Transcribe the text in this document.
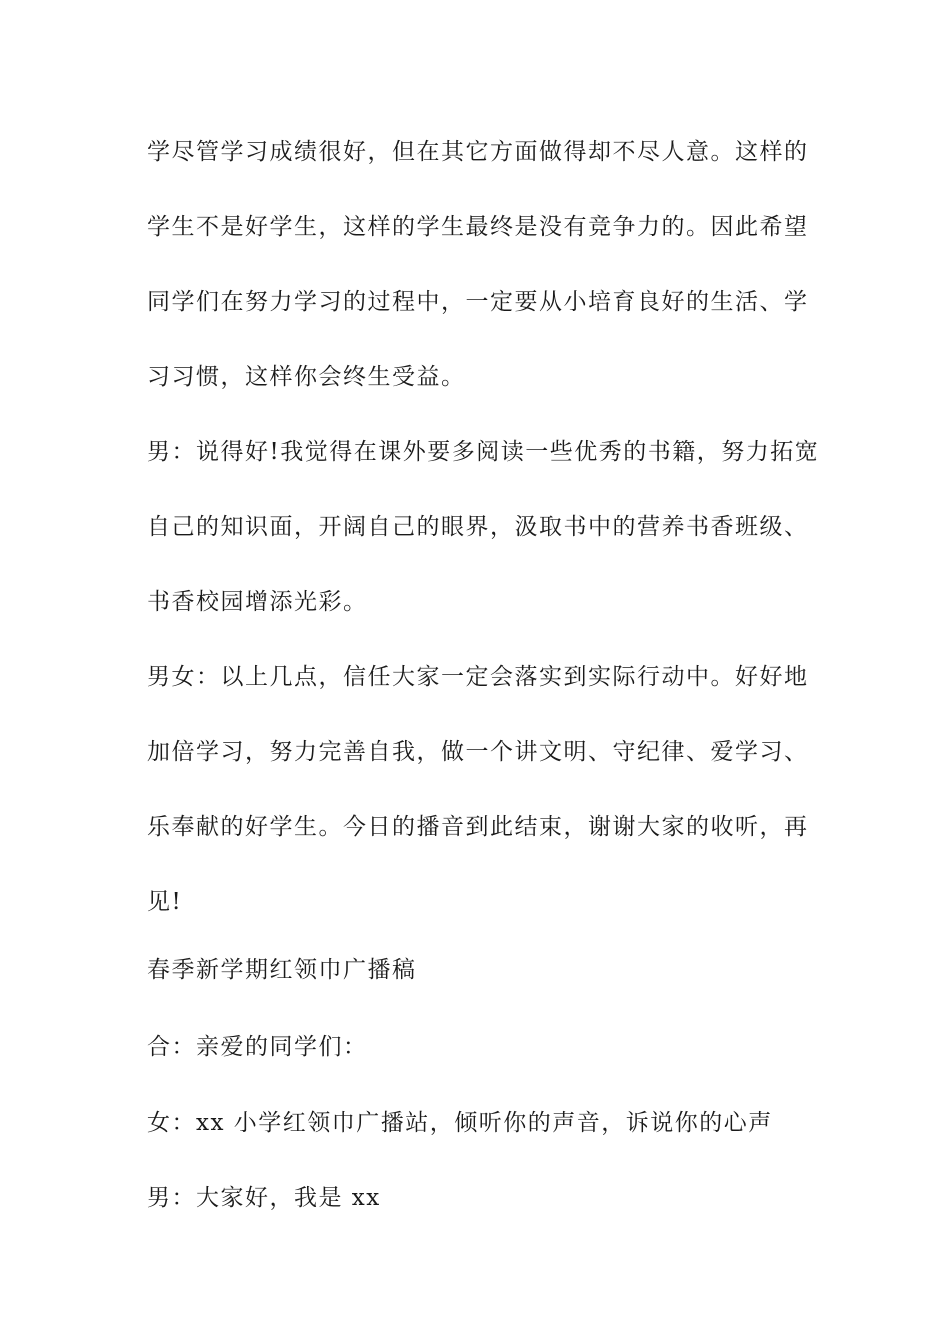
学尽管学习成绩很好，但在其它方面做得却不尽人意。这样的
学生不是好学生，这样的学生最终是没有竞争力的。因此希望
同学们在努力学习的过程中，一定要从小培育良好的生活、学
习习惯，这样你会终生受益。
男：说得好!我觉得在课外要多阅读一些优秀的书籍，努力拓宽
自己的知识面，开阔自己的眼界，汲取书中的营养书香班级、
书香校园增添光彩。
男女：以上几点，信任大家一定会落实到实际行动中。好好地
加倍学习，努力完善自我，做一个讲文明、守纪律、爱学习、
乐奉献的好学生。今日的播音到此结束，谢谢大家的收听，再
见!
春季新学期红领巾广播稿
合：亲爱的同学们：
女：xx 小学红领巾广播站，倾听你的声音，诉说你的心声
男：大家好，我是 xx
